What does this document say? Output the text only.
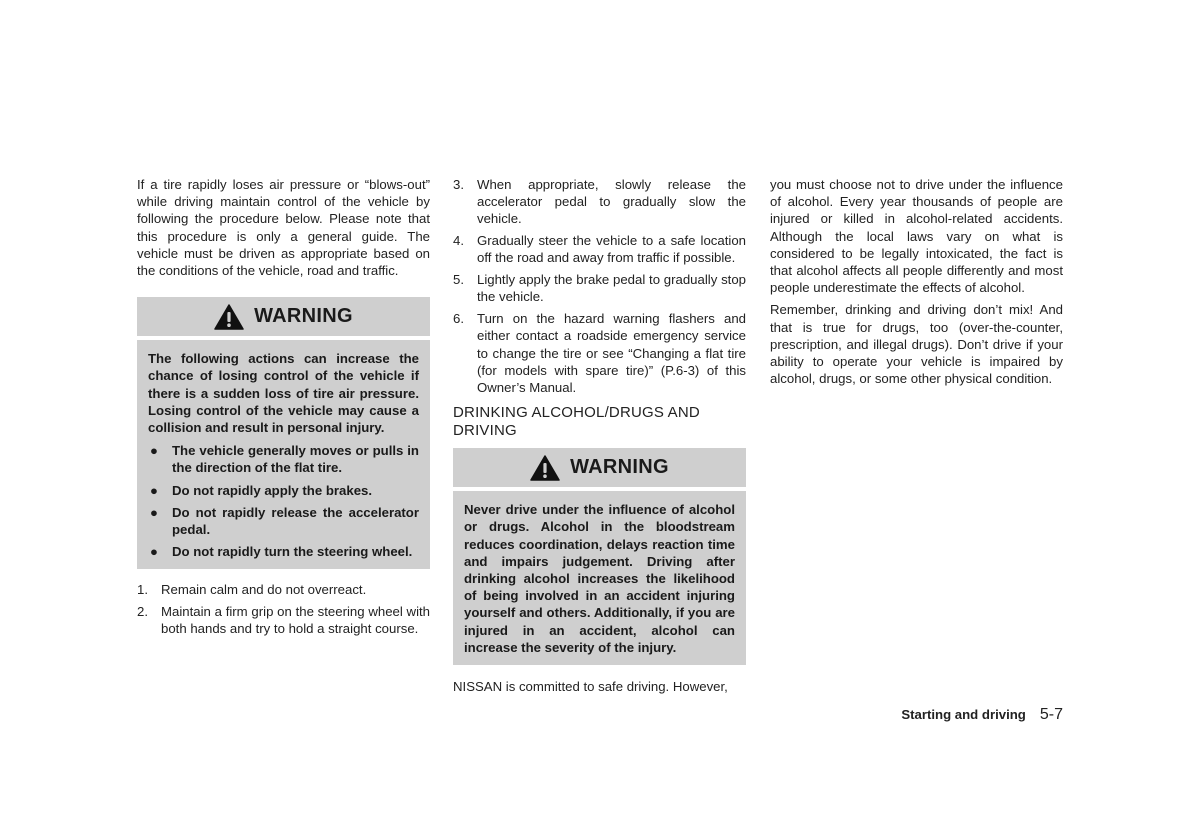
If a tire rapidly loses air pressure or “blows-out” while driving maintain control of the vehicle by following the procedure below. Please note that this procedure is only a general guide. The vehicle must be driven as appropriate based on the conditions of the vehicle, road and traffic.

WARNING

The following actions can increase the chance of losing control of the vehicle if there is a sudden loss of tire air pressure. Losing control of the vehicle may cause a collision and result in personal injury.

● The vehicle generally moves or pulls in the direction of the flat tire.
● Do not rapidly apply the brakes.
● Do not rapidly release the accelerator pedal.
● Do not rapidly turn the steering wheel.
1. Remain calm and do not overreact.
2. Maintain a firm grip on the steering wheel with both hands and try to hold a straight course.
3. When appropriate, slowly release the accelerator pedal to gradually slow the vehicle.
4. Gradually steer the vehicle to a safe location off the road and away from traffic if possible.
5. Lightly apply the brake pedal to gradually stop the vehicle.
6. Turn on the hazard warning flashers and either contact a roadside emergency service to change the tire or see “Changing a flat tire (for models with spare tire)” (P.6-3) of this Owner’s Manual.
DRINKING ALCOHOL/DRUGS AND DRIVING
WARNING

Never drive under the influence of alcohol or drugs. Alcohol in the bloodstream reduces coordination, delays reaction time and impairs judgement. Driving after drinking alcohol increases the likelihood of being involved in an accident injuring yourself and others. Additionally, if you are injured in an accident, alcohol can increase the severity of the injury.

NISSAN is committed to safe driving. However,

you must choose not to drive under the influence of alcohol. Every year thousands of people are injured or killed in alcohol-related accidents. Although the local laws vary on what is considered to be legally intoxicated, the fact is that alcohol affects all people differently and most people underestimate the effects of alcohol.

Remember, drinking and driving don’t mix! And that is true for drugs, too (over-the-counter, prescription, and illegal drugs). Don’t drive if your ability to operate your vehicle is impaired by alcohol, drugs, or some other physical condition.

Starting and driving 5-7
